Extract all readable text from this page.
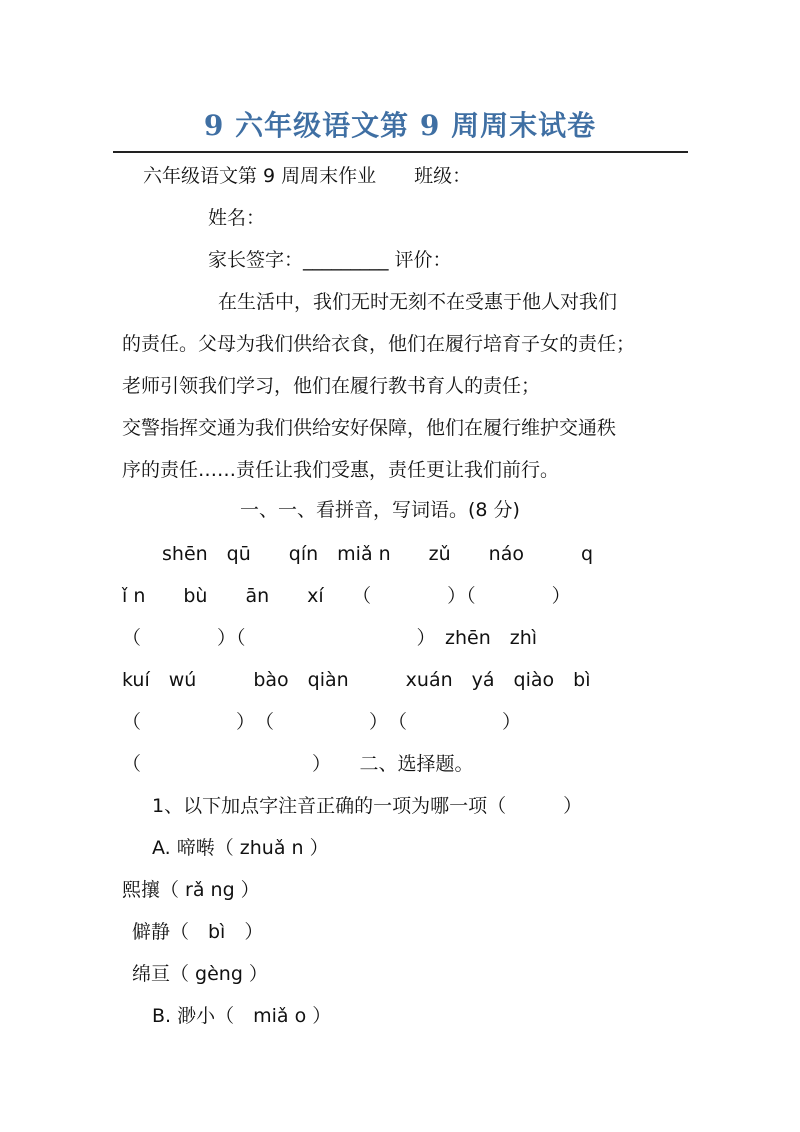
9 六年级语文第 9 周周末试卷
六年级语文第 9 周周末作业　　班级：
姓名：
家长签字：_________ 评价：
在生活中，我们无时无刻不在受惠于他人对我们
的责任。父母为我们供给衣食，他们在履行培育子女的责任；
老师引领我们学习，他们在履行教书育人的责任；
交警指挥交通为我们供给安好保障，他们在履行维护交通秩
序的责任……责任让我们受惠，责任更让我们前行。
一、一、看拼音，写词语。(8 分)
shēn　qū　　qín　miǎ n　　zǔ　　náo　　　q
ǐ n　　bù　　ān　　xí　　（　　　　）（　　　　）
（　　　　）（　　　　　　　　　）　zhēn　zhì
kuí　wú　　　bào　qiàn　　　xuán　yá　qiào　bì
（　　　　　）　（　　　　　）　（　　　　　）
（　　　　　　　　　）　　二、选择题。
1、以下加点字注音正确的一项为哪一项（　　　）
A. 啼啭（ zhuǎ n ）
熙攘（ rǎ ng ）
僻静（　bì　）
绵亘（ gèng ）
B. 渺小（　miǎ o ）
